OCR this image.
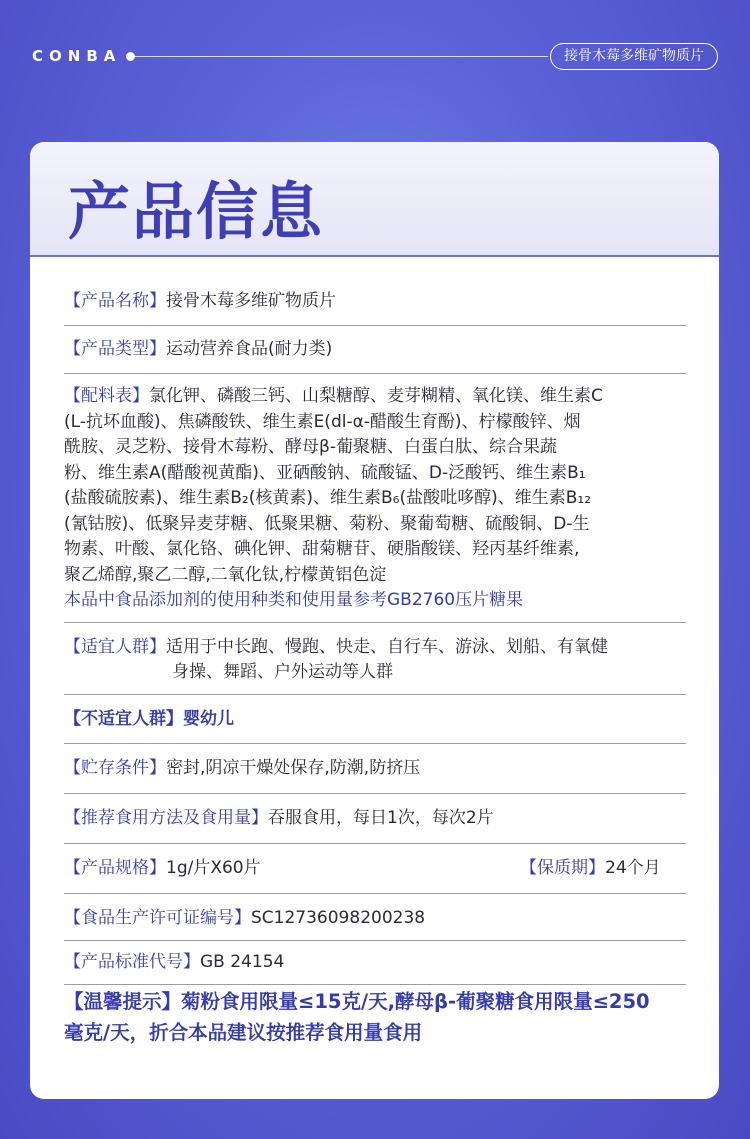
CONBA	接骨木莓多维矿物质片
产品信息
【产品名称】接骨木莓多维矿物质片
【产品类型】运动营养食品(耐力类)
【配料表】氯化钾、磷酸三钙、山梨糖醇、麦芽糊精、氧化镁、维生素C
(L-抗坏血酸)、焦磷酸铁、维生素E(dl-α-醋酸生育酚)、柠檬酸锌、烟
酰胺、灵芝粉、接骨木莓粉、酵母β-葡聚糖、白蛋白肽、综合果蔬
粉、维生素A(醋酸视黄酯)、亚硒酸钠、硫酸锰、D-泛酸钙、维生素B₁
(盐酸硫胺素)、维生素B₂(核黄素)、维生素B₆(盐酸吡哆醇)、维生素B₁₂
(氰钴胺)、低聚异麦芽糖、低聚果糖、菊粉、聚葡萄糖、硫酸铜、D-生
物素、叶酸、氯化铬、碘化钾、甜菊糖苷、硬脂酸镁、羟丙基纤维素,
聚乙烯醇,聚乙二醇,二氧化钛,柠檬黄铝色淀
本品中食品添加剂的使用种类和使用量参考GB2760压片糖果
【适宜人群】适用于中长跑、慢跑、快走、自行车、游泳、划船、有氧健
身操、舞蹈、户外运动等人群
【不适宜人群】婴幼儿
【贮存条件】密封,阴凉干燥处保存,防潮,防挤压
【推荐食用方法及食用量】吞服食用，每日1次，每次2片
【产品规格】1g/片X60片	【保质期】24个月
【食品生产许可证编号】SC12736098200238
【产品标准代号】GB 24154
【温馨提示】菊粉食用限量≤15克/天,酵母β-葡聚糖食用限量≤250
毫克/天，折合本品建议按推荐食用量食用
